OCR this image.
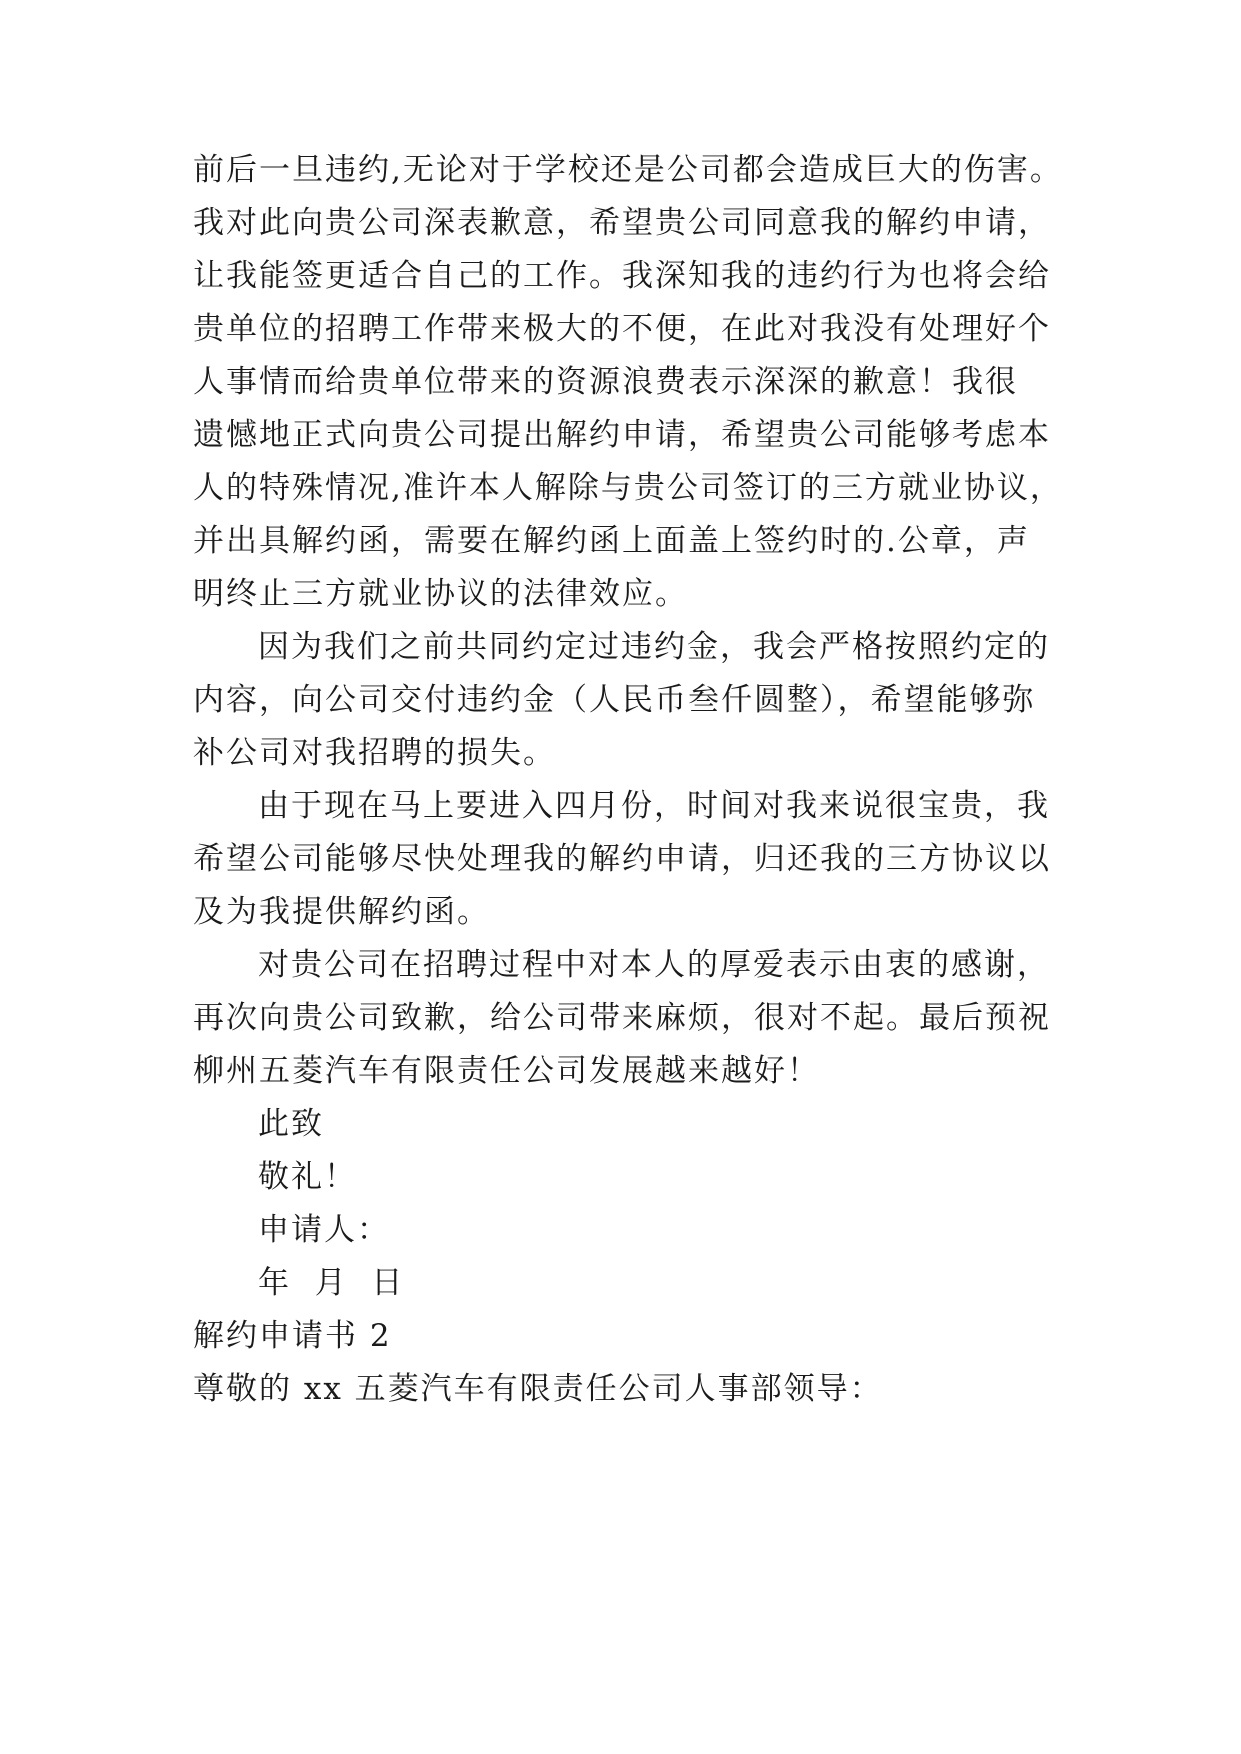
前后一旦违约,无论对于学校还是公司都会造成巨大的伤害。
我对此向贵公司深表歉意，希望贵公司同意我的解约申请，
让我能签更适合自己的工作。我深知我的违约行为也将会给
贵单位的招聘工作带来极大的不便，在此对我没有处理好个
人事情而给贵单位带来的资源浪费表示深深的歉意！我很
遗憾地正式向贵公司提出解约申请，希望贵公司能够考虑本
人的特殊情况,准许本人解除与贵公司签订的三方就业协议，
并出具解约函，需要在解约函上面盖上签约时的.公章，声
明终止三方就业协议的法律效应。
因为我们之前共同约定过违约金，我会严格按照约定的
内容，向公司交付违约金（人民币叁仟圆整），希望能够弥
补公司对我招聘的损失。
由于现在马上要进入四月份，时间对我来说很宝贵，我
希望公司能够尽快处理我的解约申请，归还我的三方协议以
及为我提供解约函。
对贵公司在招聘过程中对本人的厚爱表示由衷的感谢，
再次向贵公司致歉，给公司带来麻烦，很对不起。最后预祝
柳州五菱汽车有限责任公司发展越来越好！
此致
敬礼！
申请人：
年  月  日
解约申请书 2
尊敬的 xx 五菱汽车有限责任公司人事部领导：
